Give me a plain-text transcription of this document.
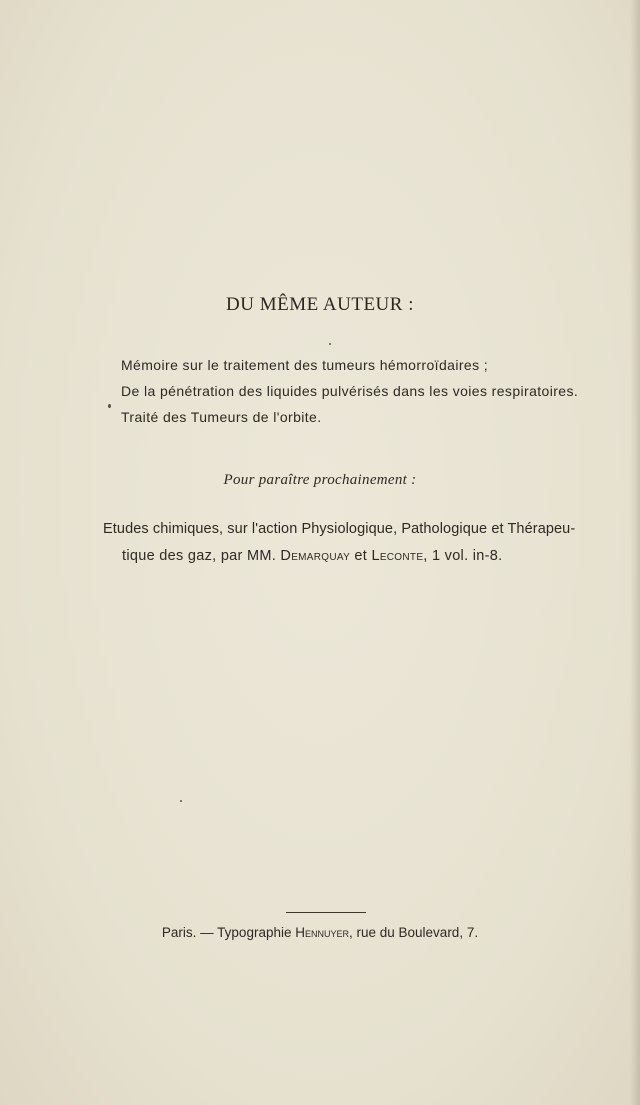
DU MÊME AUTEUR :
Mémoire sur le traitement des tumeurs hémorroïdaires ;
De la pénétration des liquides pulvérisés dans les voies respiratoires.
Traité des Tumeurs de l'orbite.
Pour paraître prochainement :
Etudes chimiques, sur l'action Physiologique, Pathologique et Thérapeu-
tique des gaz, par MM. Demarquay et Leconte, 1 vol. in-8.
Paris. — Typographie Hennuyer, rue du Boulevard, 7.
